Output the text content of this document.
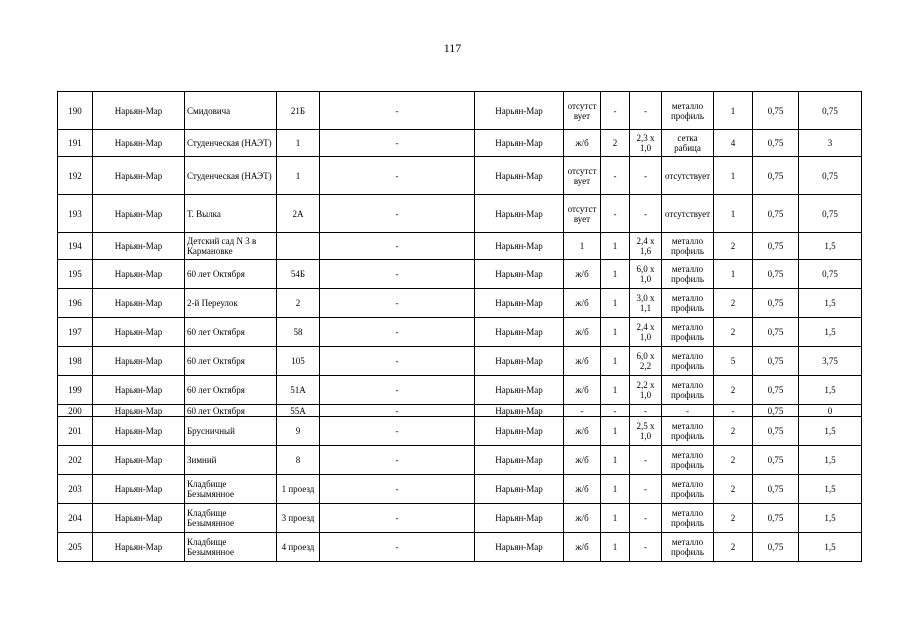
117
190	Нарьян-Мар	Смидовича	21Б	-	Нарьян-Мар	отсутствует	-	-	металло профиль	1	0,75	0,75
191	Нарьян-Мар	Студенческая (НАЭТ)	1	-	Нарьян-Мар	ж/б	2	2,3 х 1,0	сетка рабица	4	0,75	3
192	Нарьян-Мар	Студенческая (НАЭТ)	1	-	Нарьян-Мар	отсутствует	-	-	отсутствует	1	0,75	0,75
193	Нарьян-Мар	Т. Вылка	2А	-	Нарьян-Мар	отсутствует	-	-	отсутствует	1	0,75	0,75
194	Нарьян-Мар	Детский сад N 3 в Кармановке		-	Нарьян-Мар	1	1	2,4 х 1,6	металло профиль	2	0,75	1,5
195	Нарьян-Мар	60 лет Октября	54Б	-	Нарьян-Мар	ж/б	1	6,0 х 1,0	металло профиль	1	0,75	0,75
196	Нарьян-Мар	2-й Переулок	2	-	Нарьян-Мар	ж/б	1	3,0 х 1,1	металло профиль	2	0,75	1,5
197	Нарьян-Мар	60 лет Октября	58	-	Нарьян-Мар	ж/б	1	2,4 х 1,0	металло профиль	2	0,75	1,5
198	Нарьян-Мар	60 лет Октября	105	-	Нарьян-Мар	ж/б	1	6,0 х 2,2	металло профиль	5	0,75	3,75
199	Нарьян-Мар	60 лет Октября	51А	-	Нарьян-Мар	ж/б	1	2,2 х 1,0	металло профиль	2	0,75	1,5
200	Нарьян-Мар	60 лет Октября	55А	-	Нарьян-Мар	-	-	-	-	-	0,75	0
201	Нарьян-Мар	Брусничный	9	-	Нарьян-Мар	ж/б	1	2,5 х 1,0	металло профиль	2	0,75	1,5
202	Нарьян-Мар	Зимний	8	-	Нарьян-Мар	ж/б	1	-	металло профиль	2	0,75	1,5
203	Нарьян-Мар	Кладбище Безымянное	1 проезд	-	Нарьян-Мар	ж/б	1	-	металло профиль	2	0,75	1,5
204	Нарьян-Мар	Кладбище Безымянное	3 проезд	-	Нарьян-Мар	ж/б	1	-	металло профиль	2	0,75	1,5
205	Нарьян-Мар	Кладбище Безымянное	4 проезд	-	Нарьян-Мар	ж/б	1	-	металло профиль	2	0,75	1,5
